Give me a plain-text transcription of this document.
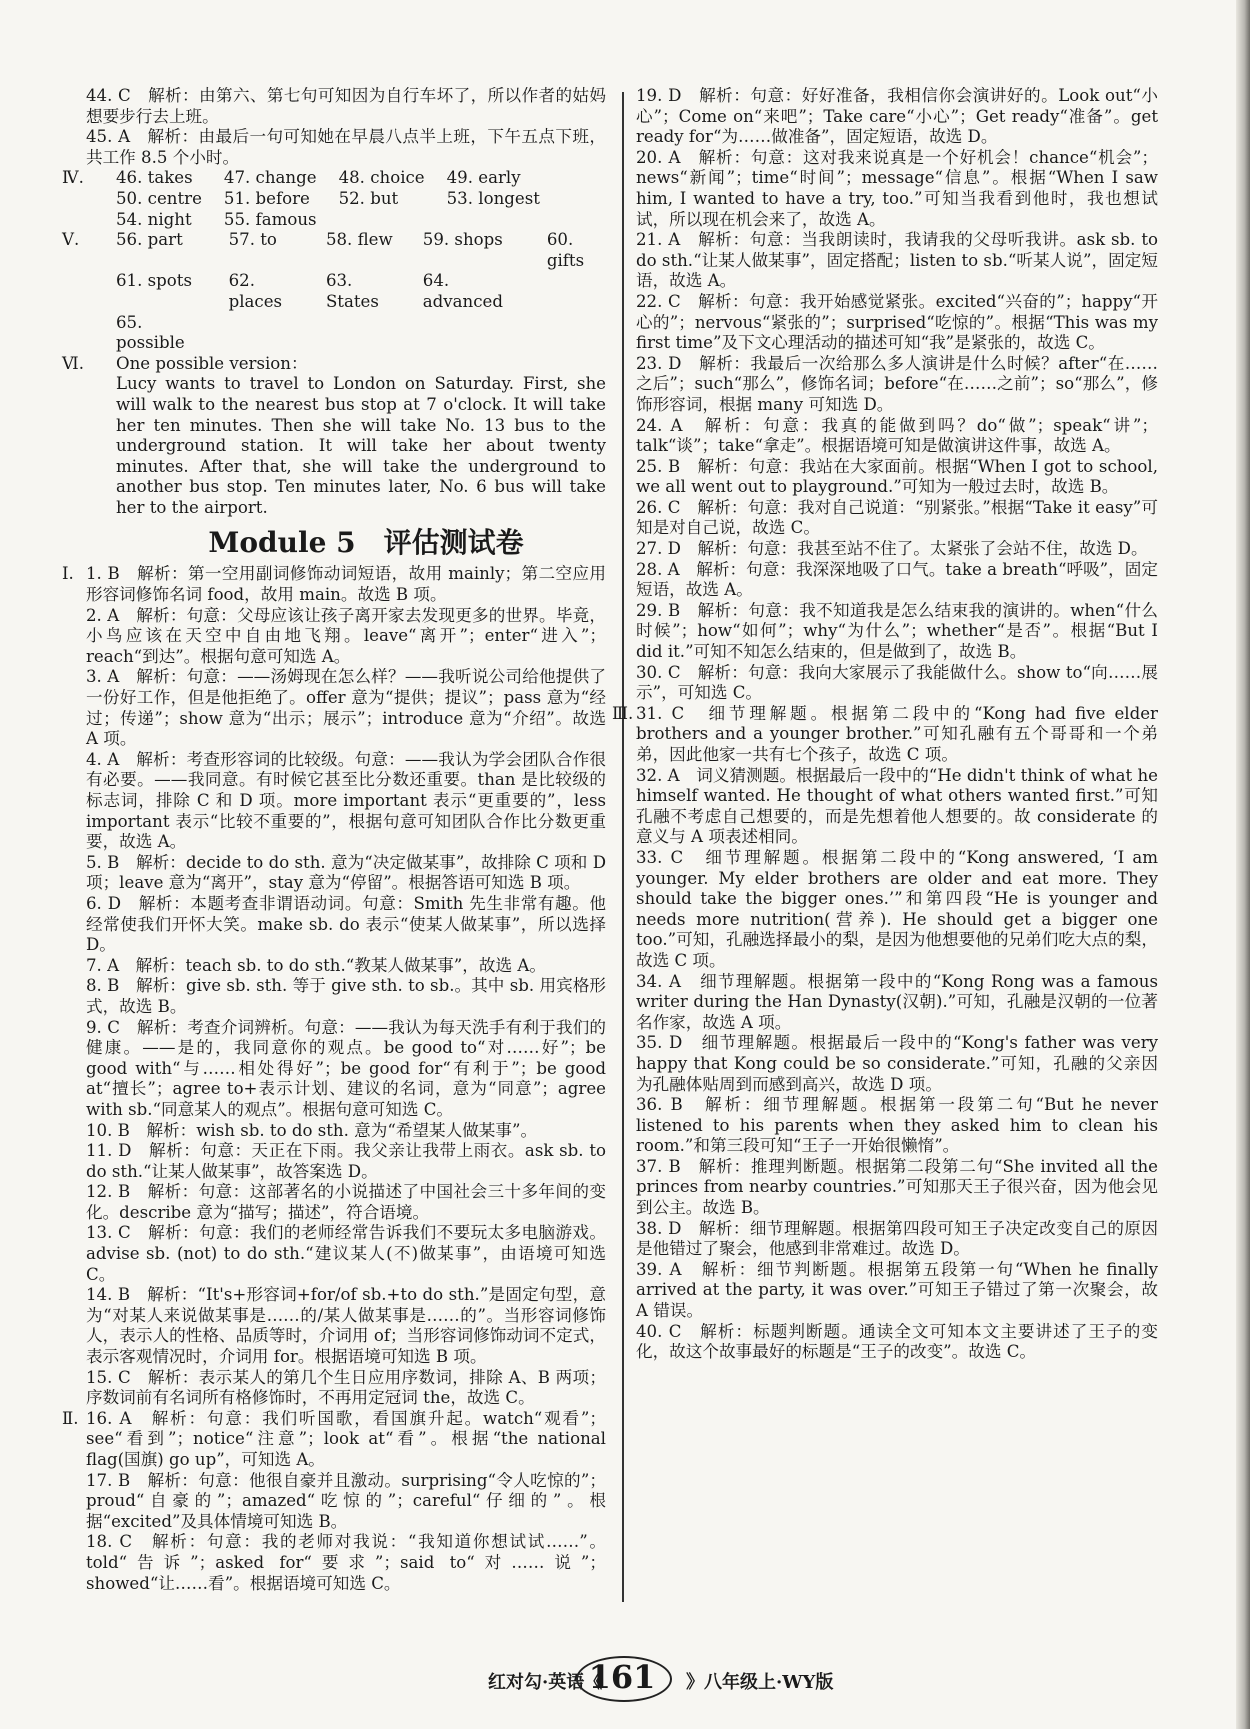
44. C　解析：由第六、第七句可知因为自行车坏了，所以作者的姑妈想要步行去上班。
45. A　解析：由最后一句可知她在早晨八点半上班，下午五点下班，共工作 8.5 个小时。
Ⅳ. 46. takes	47. change 48. choice 49. early
50. centre 51. before	52. but	53. longest
54. night	55. famous
Ⅴ. 56. part	57. to	58. flew	59. shops	60. gifts
61. spots	62. places
63. States
64. advanced
65. possible
Ⅵ. One possible version：
Lucy wants to travel to London on Saturday. First, she will walk to the nearest bus stop at 7 o'clock. It will take her ten minutes. Then she will take No. 13 bus to the underground station. It will take her about twenty minutes. After that, she will take the underground to another bus stop. Ten minutes later, No. 6 bus will take her to the airport.
Module 5　评估测试卷
Ⅰ. 1. B　解析：第一空用副词修饰动词短语，故用 mainly；第二空应用形容词修饰名词 food，故用 main。故选 B 项。
2. A　解析：句意：父母应该让孩子离开家去发现更多的世界。毕竟，小鸟应该在天空中自由地飞翔。leave“离开”；enter“进入”；reach“到达”。根据句意可知选 A。
3. A　解析：句意：——汤姆现在怎么样？——我听说公司给他提供了一份好工作，但是他拒绝了。offer 意为“提供；提议”；pass 意为“经过；传递”；show 意为“出示；展示”；introduce 意为“介绍”。故选 A 项。
4. A　解析：考查形容词的比较级。句意：——我认为学会团队合作很有必要。——我同意。有时候它甚至比分数还重要。than 是比较级的标志词，排除 C 和 D 项。more important 表示“更重要的”，less important 表示“比较不重要的”，根据句意可知团队合作比分数更重要，故选 A。
5. B　解析：decide to do sth. 意为“决定做某事”，故排除 C 项和 D 项；leave 意为“离开”，stay 意为“停留”。根据答语可知选 B 项。
6. D　解析：本题考查非谓语动词。句意：Smith 先生非常有趣。他经常使我们开怀大笑。make sb. do 表示“使某人做某事”，所以选择 D。
7. A　解析：teach sb. to do sth.“教某人做某事”，故选 A。
8. B　解析：give sb. sth. 等于 give sth. to sb.。其中 sb. 用宾格形式，故选 B。
9. C　解析：考查介词辨析。句意：——我认为每天洗手有利于我们的健康。——是的，我同意你的观点。be good to“对……好”；be good with“与……相处得好”；be good for“有利于”；be good at“擅长”；agree to+表示计划、建议的名词，意为“同意”；agree with sb.“同意某人的观点”。根据句意可知选 C。
10. B　解析：wish sb. to do sth. 意为“希望某人做某事”。
11. D　解析：句意：天正在下雨。我父亲让我带上雨衣。ask sb. to do sth.“让某人做某事”，故答案选 D。
12. B　解析：句意：这部著名的小说描述了中国社会三十多年间的变化。describe 意为“描写；描述”，符合语境。
13. C　解析：句意：我们的老师经常告诉我们不要玩太多电脑游戏。advise sb. (not) to do sth.“建议某人(不)做某事”，由语境可知选 C。
14. B　解析：“It's+形容词+for/of sb.+to do sth.”是固定句型，意为“对某人来说做某事是……的/某人做某事是……的”。当形容词修饰人，表示人的性格、品质等时，介词用 of；当形容词修饰动词不定式，表示客观情况时，介词用 for。根据语境可知选 B 项。
15. C　解析：表示某人的第几个生日应用序数词，排除 A、B 两项；序数词前有名词所有格修饰时，不再用定冠词 the，故选 C。
Ⅱ. 16. A　解析：句意：我们听国歌，看国旗升起。watch“观看”；see“看到”；notice“注意”；look at“看”。根据“the national flag(国旗) go up”，可知选 A。
17. B　解析：句意：他很自豪并且激动。surprising“令人吃惊的”；proud“自豪的”；amazed“吃惊的”；careful“仔细的”。根据“excited”及具体情境可知选 B。
18. C　解析：句意：我的老师对我说：“我知道你想试试……”。told“告诉”；asked for“要求”；said to“对……说”；showed“让……看”。根据语境可知选 C。
19. D　解析：句意：好好准备，我相信你会演讲好的。Look out“小心”；Come on“来吧”；Take care“小心”；Get ready“准备”。get ready for“为……做准备”，固定短语，故选 D。
20. A　解析：句意：这对我来说真是一个好机会！chance“机会”；news“新闻”；time“时间”；message“信息”。根据“When I saw him, I wanted to have a try, too.”可知当我看到他时，我也想试试，所以现在机会来了，故选 A。
21. A　解析：句意：当我朗读时，我请我的父母听我讲。ask sb. to do sth.“让某人做某事”，固定搭配；listen to sb.“听某人说”，固定短语，故选 A。
22. C　解析：句意：我开始感觉紧张。excited“兴奋的”；happy“开心的”；nervous“紧张的”；surprised“吃惊的”。根据“This was my first time”及下文心理活动的描述可知“我”是紧张的，故选 C。
23. D　解析：我最后一次给那么多人演讲是什么时候？after“在……之后”；such“那么”，修饰名词；before“在……之前”；so“那么”，修饰形容词，根据 many 可知选 D。
24. A　解析：句意：我真的能做到吗？do“做”；speak“讲”；talk“谈”；take“拿走”。根据语境可知是做演讲这件事，故选 A。
25. B　解析：句意：我站在大家面前。根据“When I got to school, we all went out to playground.”可知为一般过去时，故选 B。
26. C　解析：句意：我对自己说道：“别紧张。”根据“Take it easy”可知是对自己说，故选 C。
27. D　解析：句意：我甚至站不住了。太紧张了会站不住，故选 D。
28. A　解析：句意：我深深地吸了口气。take a breath“呼吸”，固定短语，故选 A。
29. B　解析：句意：我不知道我是怎么结束我的演讲的。when“什么时候”；how“如何”；why“为什么”；whether“是否”。根据“But I did it.”可知不知怎么结束的，但是做到了，故选 B。
30. C　解析：句意：我向大家展示了我能做什么。show to“向……展示”，可知选 C。
Ⅲ. 31. C　细节理解题。根据第二段中的“Kong had five elder brothers and a younger brother.”可知孔融有五个哥哥和一个弟弟，因此他家一共有七个孩子，故选 C 项。
32. A　词义猜测题。根据最后一段中的“He didn't think of what he himself wanted. He thought of what others wanted first.”可知孔融不考虑自己想要的，而是先想着他人想要的。故 considerate 的意义与 A 项表述相同。
33. C　细节理解题。根据第二段中的“Kong answered, ‘I am younger. My elder brothers are older and eat more. They should take the bigger ones.’”和第四段“He is younger and needs more nutrition(营养). He should get a bigger one too.”可知，孔融选择最小的梨，是因为他想要他的兄弟们吃大点的梨，故选 C 项。
34. A　细节理解题。根据第一段中的“Kong Rong was a famous writer during the Han Dynasty(汉朝).”可知，孔融是汉朝的一位著名作家，故选 A 项。
35. D　细节理解题。根据最后一段中的“Kong's father was very happy that Kong could be so considerate.”可知，孔融的父亲因为孔融体贴周到而感到高兴，故选 D 项。
36. B　解析：细节理解题。根据第一段第二句“But he never listened to his parents when they asked him to clean his room.”和第三段可知“王子一开始很懒惰”。
37. B　解析：推理判断题。根据第二段第二句“She invited all the princes from nearby countries.”可知那天王子很兴奋，因为他会见到公主。故选 B。
38. D　解析：细节理解题。根据第四段可知王子决定改变自己的原因是他错过了聚会，他感到非常难过。故选 D。
39. A　解析：细节判断题。根据第五段第一句“When he finally arrived at the party, it was over.”可知王子错过了第一次聚会，故 A 错误。
40. C　解析：标题判断题。通读全文可知本文主要讲述了王子的变化，故这个故事最好的标题是“王子的改变”。故选 C。
红对勾·英语《
161	》八年级上·WY版
